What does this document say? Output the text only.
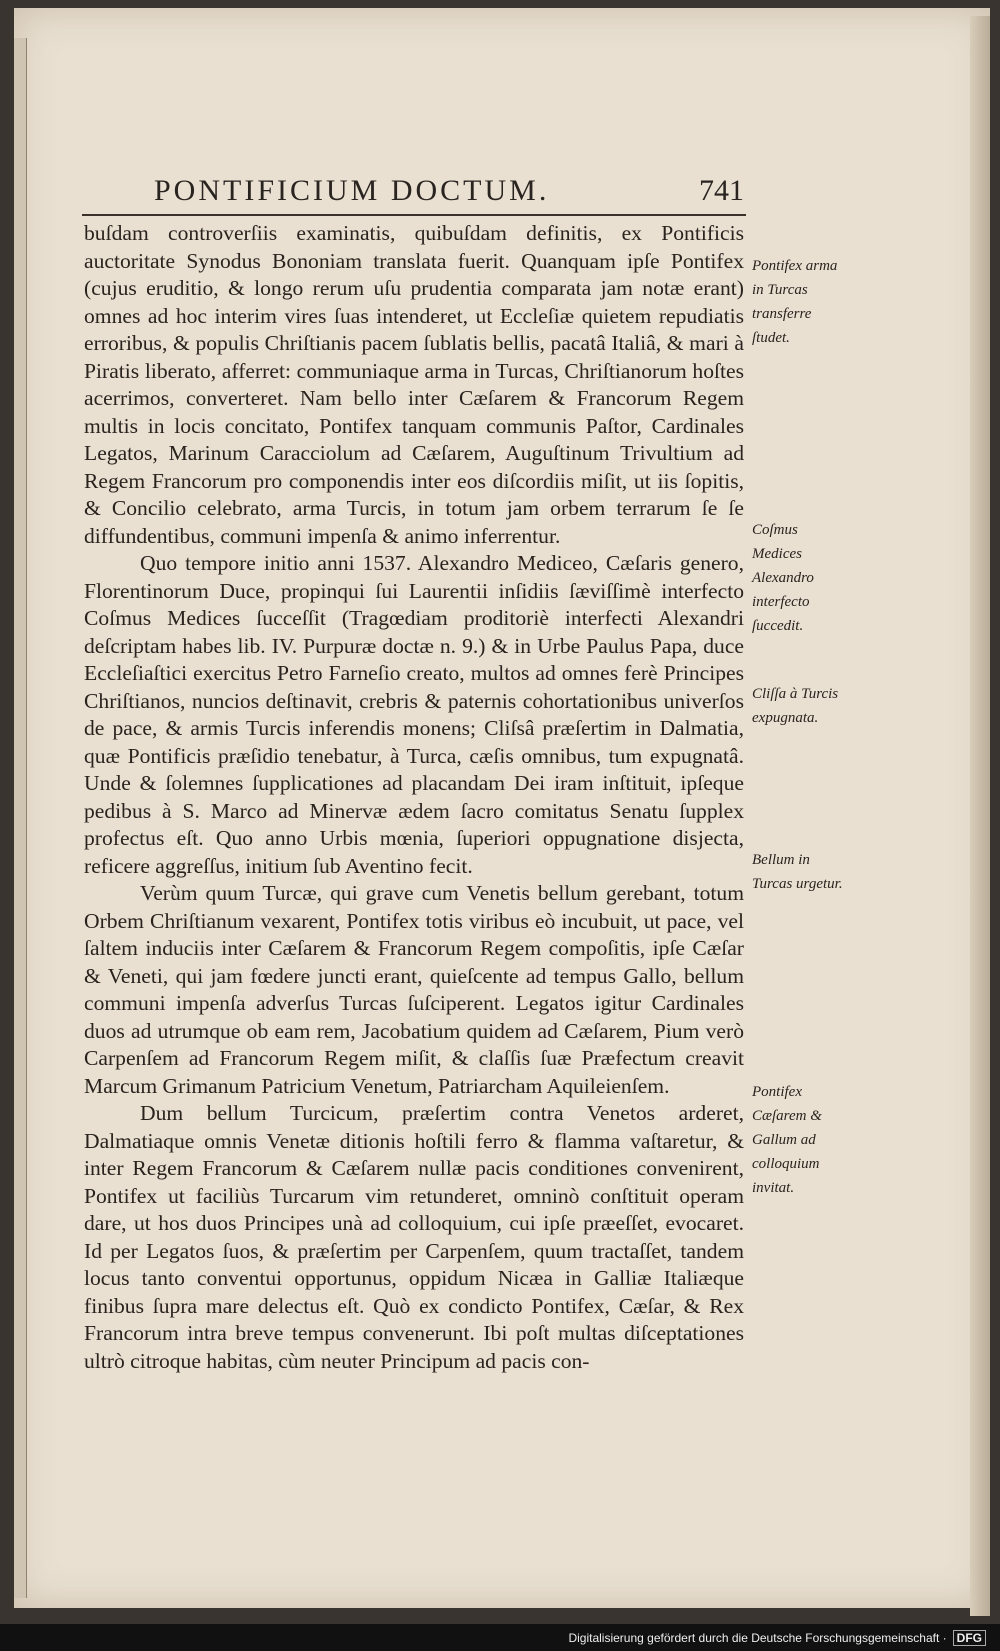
PONTIFICIUM DOCTUM.	741

buſdam controverſiis examinatis, quibuſdam definitis, ex Pontificis auctoritate Synodus Bononiam translata fuerit. Quanquam ipſe Pontifex (cujus eruditio, & longo rerum uſu prudentia comparata jam notæ erant) omnes ad hoc interim vires ſuas intenderet, ut Eccleſiæ quietem repudiatis erroribus, & populis Chriſtianis pacem ſublatis bellis, pacatâ Italiâ, & mari à Piratis liberato, afferret: communiaque arma in Turcas, Chriſtianorum hoſtes acerrimos, converteret. Nam bello inter Cæſarem & Francorum Regem multis in locis concitato, Pontifex tanquam communis Paſtor, Cardinales Legatos, Marinum Caracciolum ad Cæſarem, Auguſtinum Trivultium ad Regem Francorum pro componendis inter eos diſcordiis miſit, ut iis ſopitis, & Concilio celebrato, arma Turcis, in totum jam orbem terrarum ſe ſe diffundentibus, communi impenſa & animo inferrentur.

Quo tempore initio anni 1537. Alexandro Mediceo, Cæſaris genero, Florentinorum Duce, propinqui ſui Laurentii inſidiis ſæviſſimè interfecto Coſmus Medices ſucceſſit (Tragœdiam proditoriè interfecti Alexandri deſcriptam habes lib. IV. Purpuræ doctæ n. 9.) & in Urbe Paulus Papa, duce Eccleſiaſtici exercitus Petro Farneſio creato, multos ad omnes ferè Principes Chriſtianos, nuncios deſtinavit, crebris & paternis cohortationibus univerſos de pace, & armis Turcis inferendis monens; Cliſsâ præſertim in Dalmatia, quæ Pontificis præſidio tenebatur, à Turca, cæſis omnibus, tum expugnatâ. Unde & ſolemnes ſupplicationes ad placandam Dei iram inſtituit, ipſeque pedibus à S. Marco ad Minervæ ædem ſacro comitatus Senatu ſupplex profectus eſt. Quo anno Urbis mœnia, ſuperiori oppugnatione disjecta, reficere aggreſſus, initium ſub Aventino fecit.

Verùm quum Turcæ, qui grave cum Venetis bellum gerebant, totum Orbem Chriſtianum vexarent, Pontifex totis viribus eò incubuit, ut pace, vel ſaltem induciis inter Cæſarem & Francorum Regem compoſitis, ipſe Cæſar & Veneti, qui jam fœdere juncti erant, quieſcente ad tempus Gallo, bellum communi impenſa adverſus Turcas ſuſciperent. Legatos igitur Cardinales duos ad utrumque ob eam rem, Jacobatium quidem ad Cæſarem, Pium verò Carpenſem ad Francorum Regem miſit, & claſſis ſuæ Præfectum creavit Marcum Grimanum Patricium Venetum, Patriarcham Aquileienſem.

Dum bellum Turcicum, præſertim contra Venetos arderet, Dalmatiaque omnis Venetæ ditionis hoſtili ferro & flamma vaſtaretur, & inter Regem Francorum & Cæſarem nullæ pacis conditiones convenirent, Pontifex ut faciliùs Turcarum vim retunderet, omninò conſtituit operam dare, ut hos duos Principes unà ad colloquium, cui ipſe præeſſet, evocaret. Id per Legatos ſuos, & præſertim per Carpenſem, quum tractaſſet, tandem locus tanto conventui opportunus, oppidum Nicæa in Galliæ Italiæque finibus ſupra mare delectus eſt. Quò ex condicto Pontifex, Cæſar, & Rex Francorum intra breve tempus convenerunt. Ibi poſt multas diſceptationes ultrò citroque habitas, cùm neuter Principum ad pacis con-

Pontifex arma in Turcas transferre ſtudet.
Coſmus Medices Alexandro interfecto ſuccedit.
Cliſſa à Turcis expugnata.
Bellum in Turcas urgetur.
Pontifex Cæſarem & Gallum ad colloquium invitat.
Digitalisierung gefördert durch die Deutsche Forschungsgemeinschaft · DFG
